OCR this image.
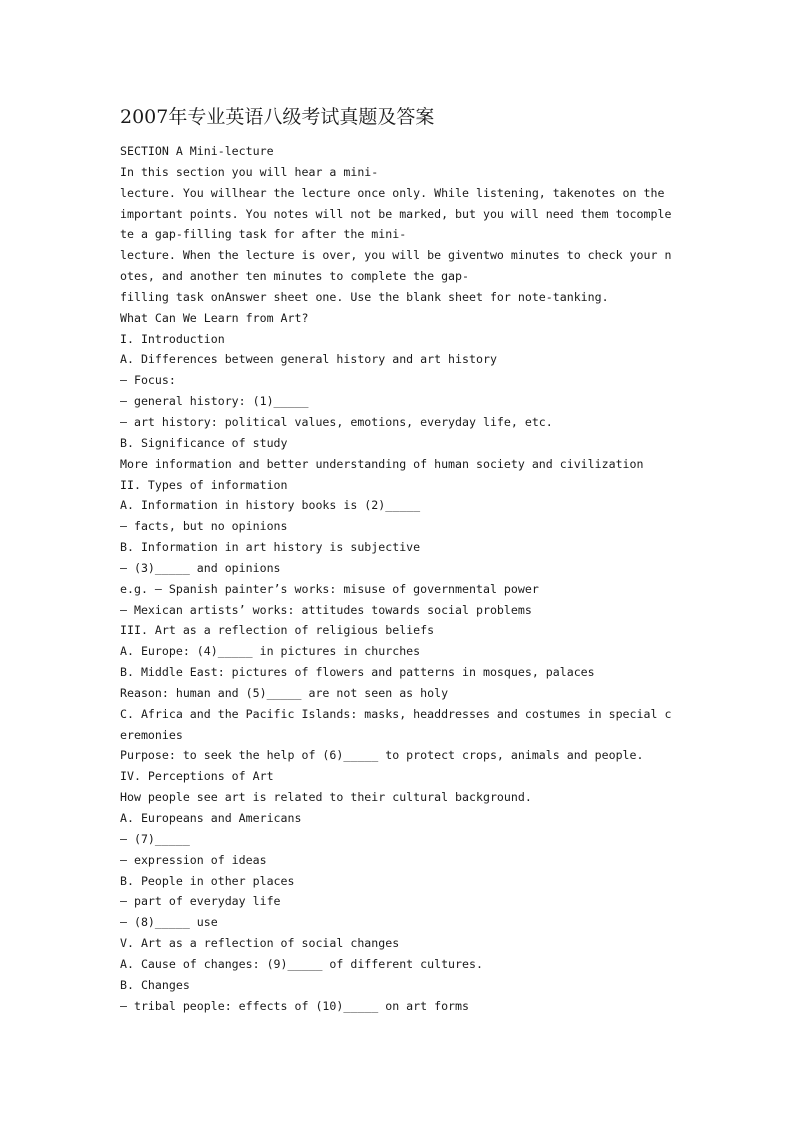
2007年专业英语八级考试真题及答案
SECTION A Mini-lecture
In this section you will hear a mini-
lecture. You willhear the lecture once only. While listening, takenotes on the
important points. You notes will not be marked, but you will need them tocomple
te a gap-filling task for after the mini-
lecture. When the lecture is over, you will be giventwo minutes to check your n
otes, and another ten minutes to complete the gap-
filling task onAnswer sheet one. Use the blank sheet for note-tanking.
What Can We Learn from Art?
I. Introduction
A. Differences between general history and art history
— Focus:
— general history: (1)_____
— art history: political values, emotions, everyday life, etc.
B. Significance of study
More information and better understanding of human society and civilization
II. Types of information
A. Information in history books is (2)_____
— facts, but no opinions
B. Information in art history is subjective
— (3)_____ and opinions
e.g. — Spanish painter’s works: misuse of governmental power
— Mexican artists’ works: attitudes towards social problems
III. Art as a reflection of religious beliefs
A. Europe: (4)_____ in pictures in churches
B. Middle East: pictures of flowers and patterns in mosques, palaces
Reason: human and (5)_____ are not seen as holy
C. Africa and the Pacific Islands: masks, headdresses and costumes in special c
eremonies
Purpose: to seek the help of (6)_____ to protect crops, animals and people.
IV. Perceptions of Art
How people see art is related to their cultural background.
A. Europeans and Americans
— (7)_____
— expression of ideas
B. People in other places
— part of everyday life
— (8)_____ use
V. Art as a reflection of social changes
A. Cause of changes: (9)_____ of different cultures.
B. Changes
— tribal people: effects of (10)_____ on art forms
